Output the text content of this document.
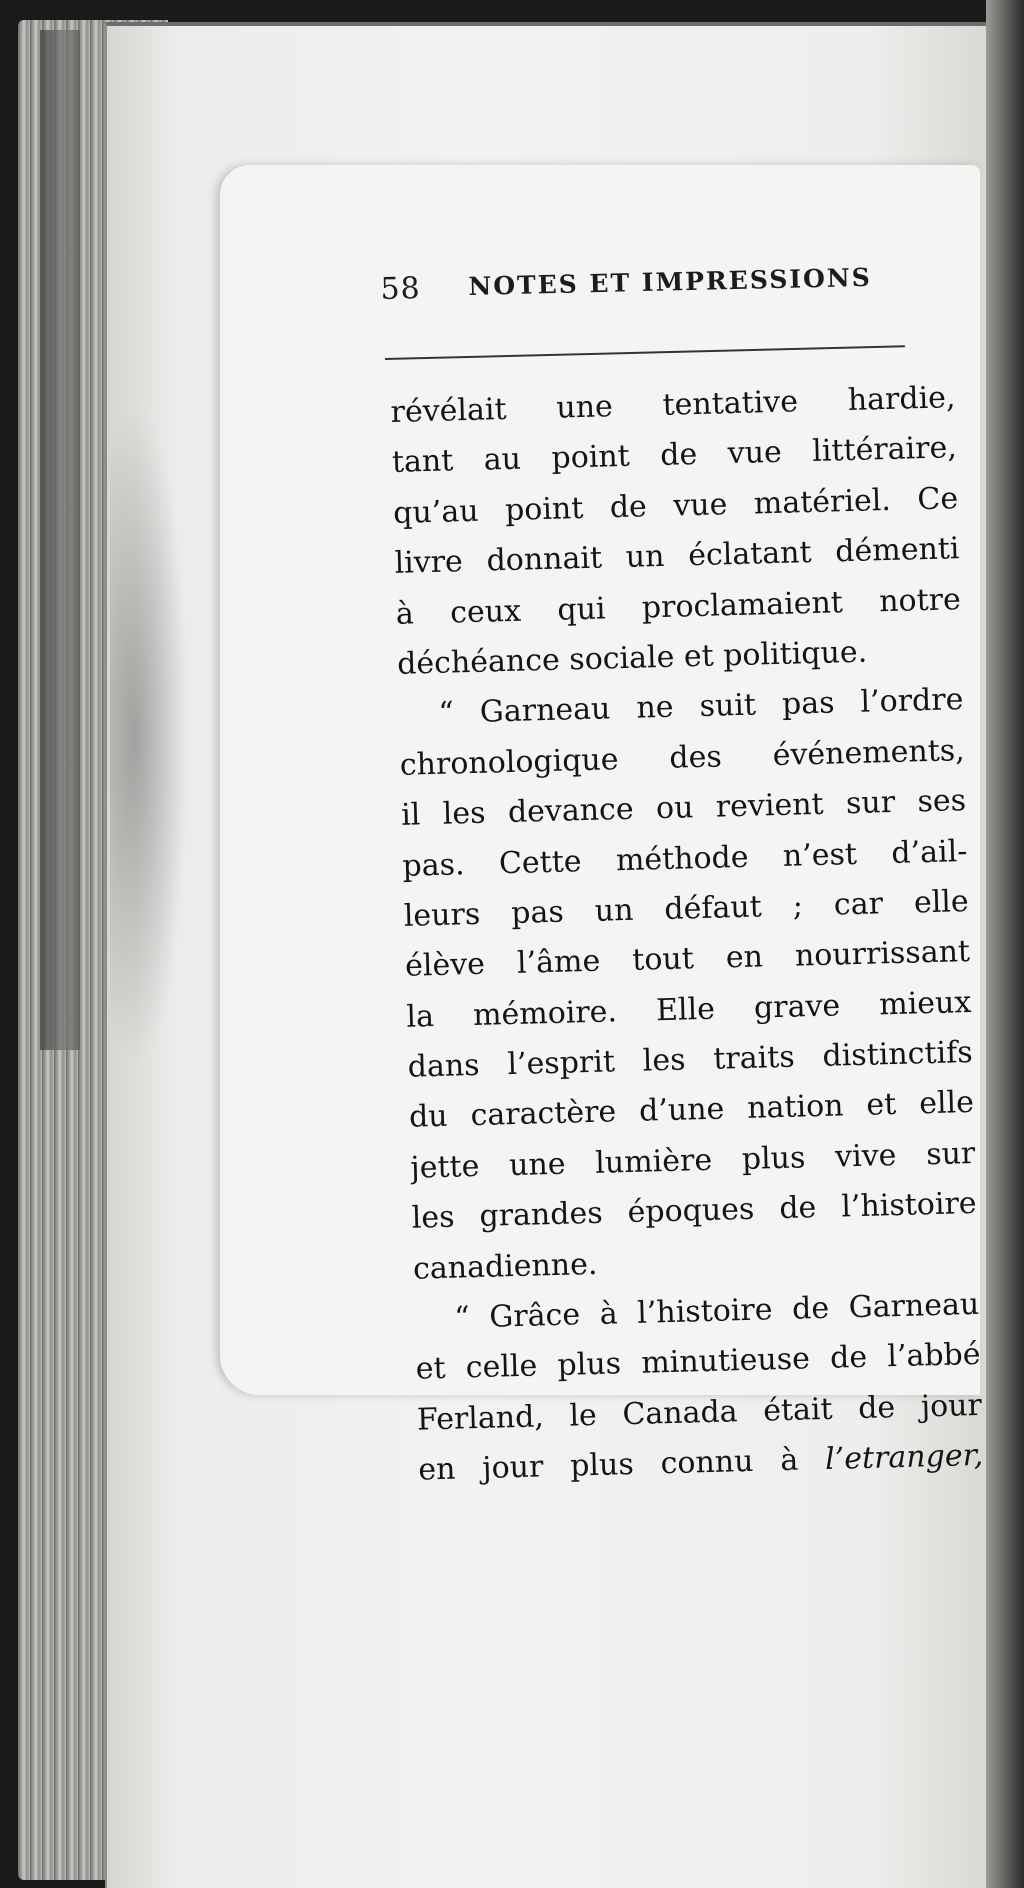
58 NOTES ET IMPRESSIONS
révélait une tentative hardie,
tant au point de vue littéraire,
qu’au point de vue matériel. Ce
livre donnait un éclatant démenti
à ceux qui proclamaient notre
déchéance sociale et politique.
“ Garneau ne suit pas l’ordre
chronologique des événements,
il les devance ou revient sur ses
pas. Cette méthode n’est d’ail-
leurs pas un défaut ; car elle
élève l’âme tout en nourrissant
la mémoire. Elle grave mieux
dans l’esprit les traits distinctifs
du caractère d’une nation et elle
jette une lumière plus vive sur
les grandes époques de l’histoire
canadienne.
“ Grâce à l’histoire de Garneau
et celle plus minutieuse de l’abbé
Ferland, le Canada était de jour
en jour plus connu à l’etranger,
